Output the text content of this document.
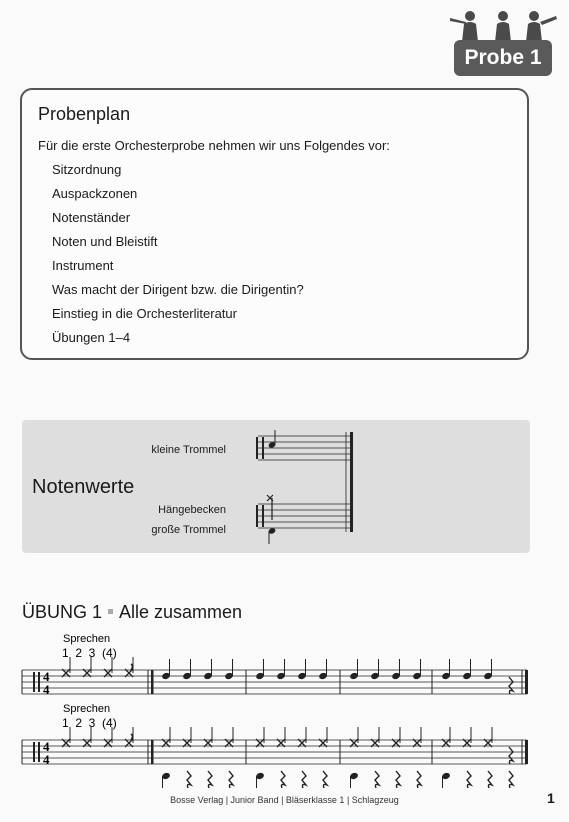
Probe 1
Probenplan
Für die erste Orchesterprobe nehmen wir uns Folgendes vor:
Sitzordnung
Auspackzonen
Notenständer
Noten und Bleistift
Instrument
Was macht der Dirigent bzw. die Dirigentin?
Einstieg in die Orchesterliteratur
Übungen 1–4
Notenwerte
kleine Trommel
Hängebecken
große Trommel
ÜBUNG 1 Alle zusammen
Sprechen
1  2  3  (4)
Sprechen
1  2  3  (4)
4
4
4
4
Bosse Verlag | Junior Band | Bläserklasse 1 | Schlagzeug	1
